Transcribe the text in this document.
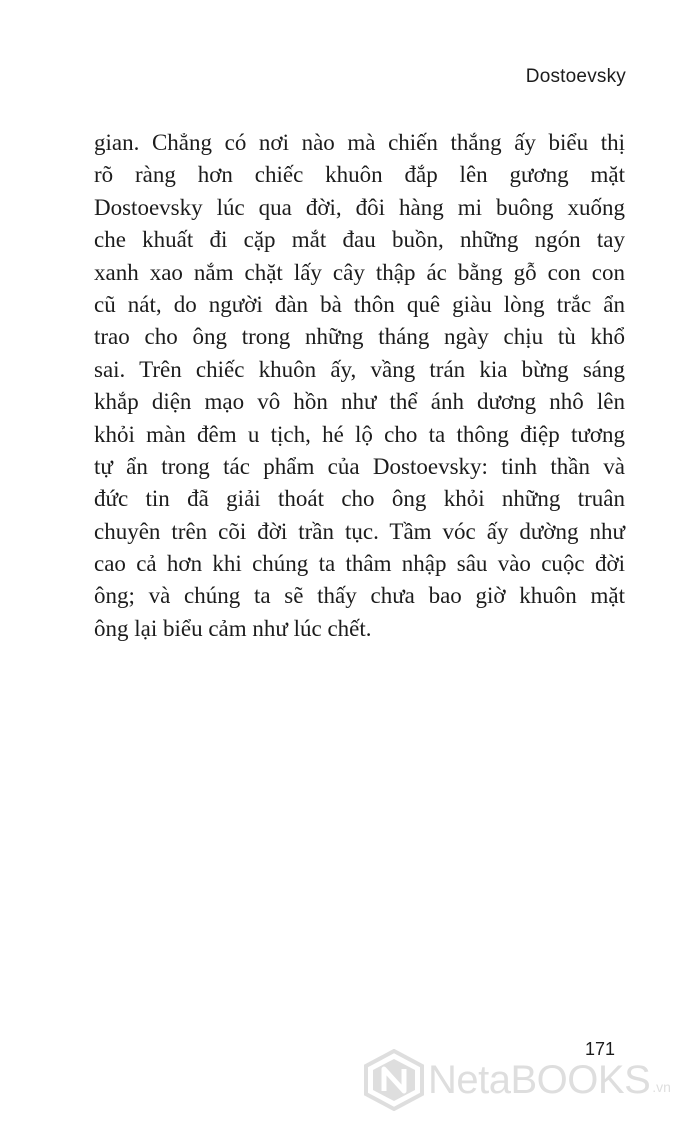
Dostoevsky
gian. Chẳng có nơi nào mà chiến thắng ấy biểu thị
rõ ràng hơn chiếc khuôn đắp lên gương mặt
Dostoevsky lúc qua đời, đôi hàng mi buông xuống
che khuất đi cặp mắt đau buồn, những ngón tay
xanh xao nắm chặt lấy cây thập ác bằng gỗ con con
cũ nát, do người đàn bà thôn quê giàu lòng trắc ẩn
trao cho ông trong những tháng ngày chịu tù khổ
sai. Trên chiếc khuôn ấy, vầng trán kia bừng sáng
khắp diện mạo vô hồn như thể ánh dương nhô lên
khỏi màn đêm u tịch, hé lộ cho ta thông điệp tương
tự ẩn trong tác phẩm của Dostoevsky: tinh thần và
đức tin đã giải thoát cho ông khỏi những truân
chuyên trên cõi đời trần tục. Tầm vóc ấy dường như
cao cả hơn khi chúng ta thâm nhập sâu vào cuộc đời
ông; và chúng ta sẽ thấy chưa bao giờ khuôn mặt
ông lại biểu cảm như lúc chết.
171
NetaBOOKS .vn
